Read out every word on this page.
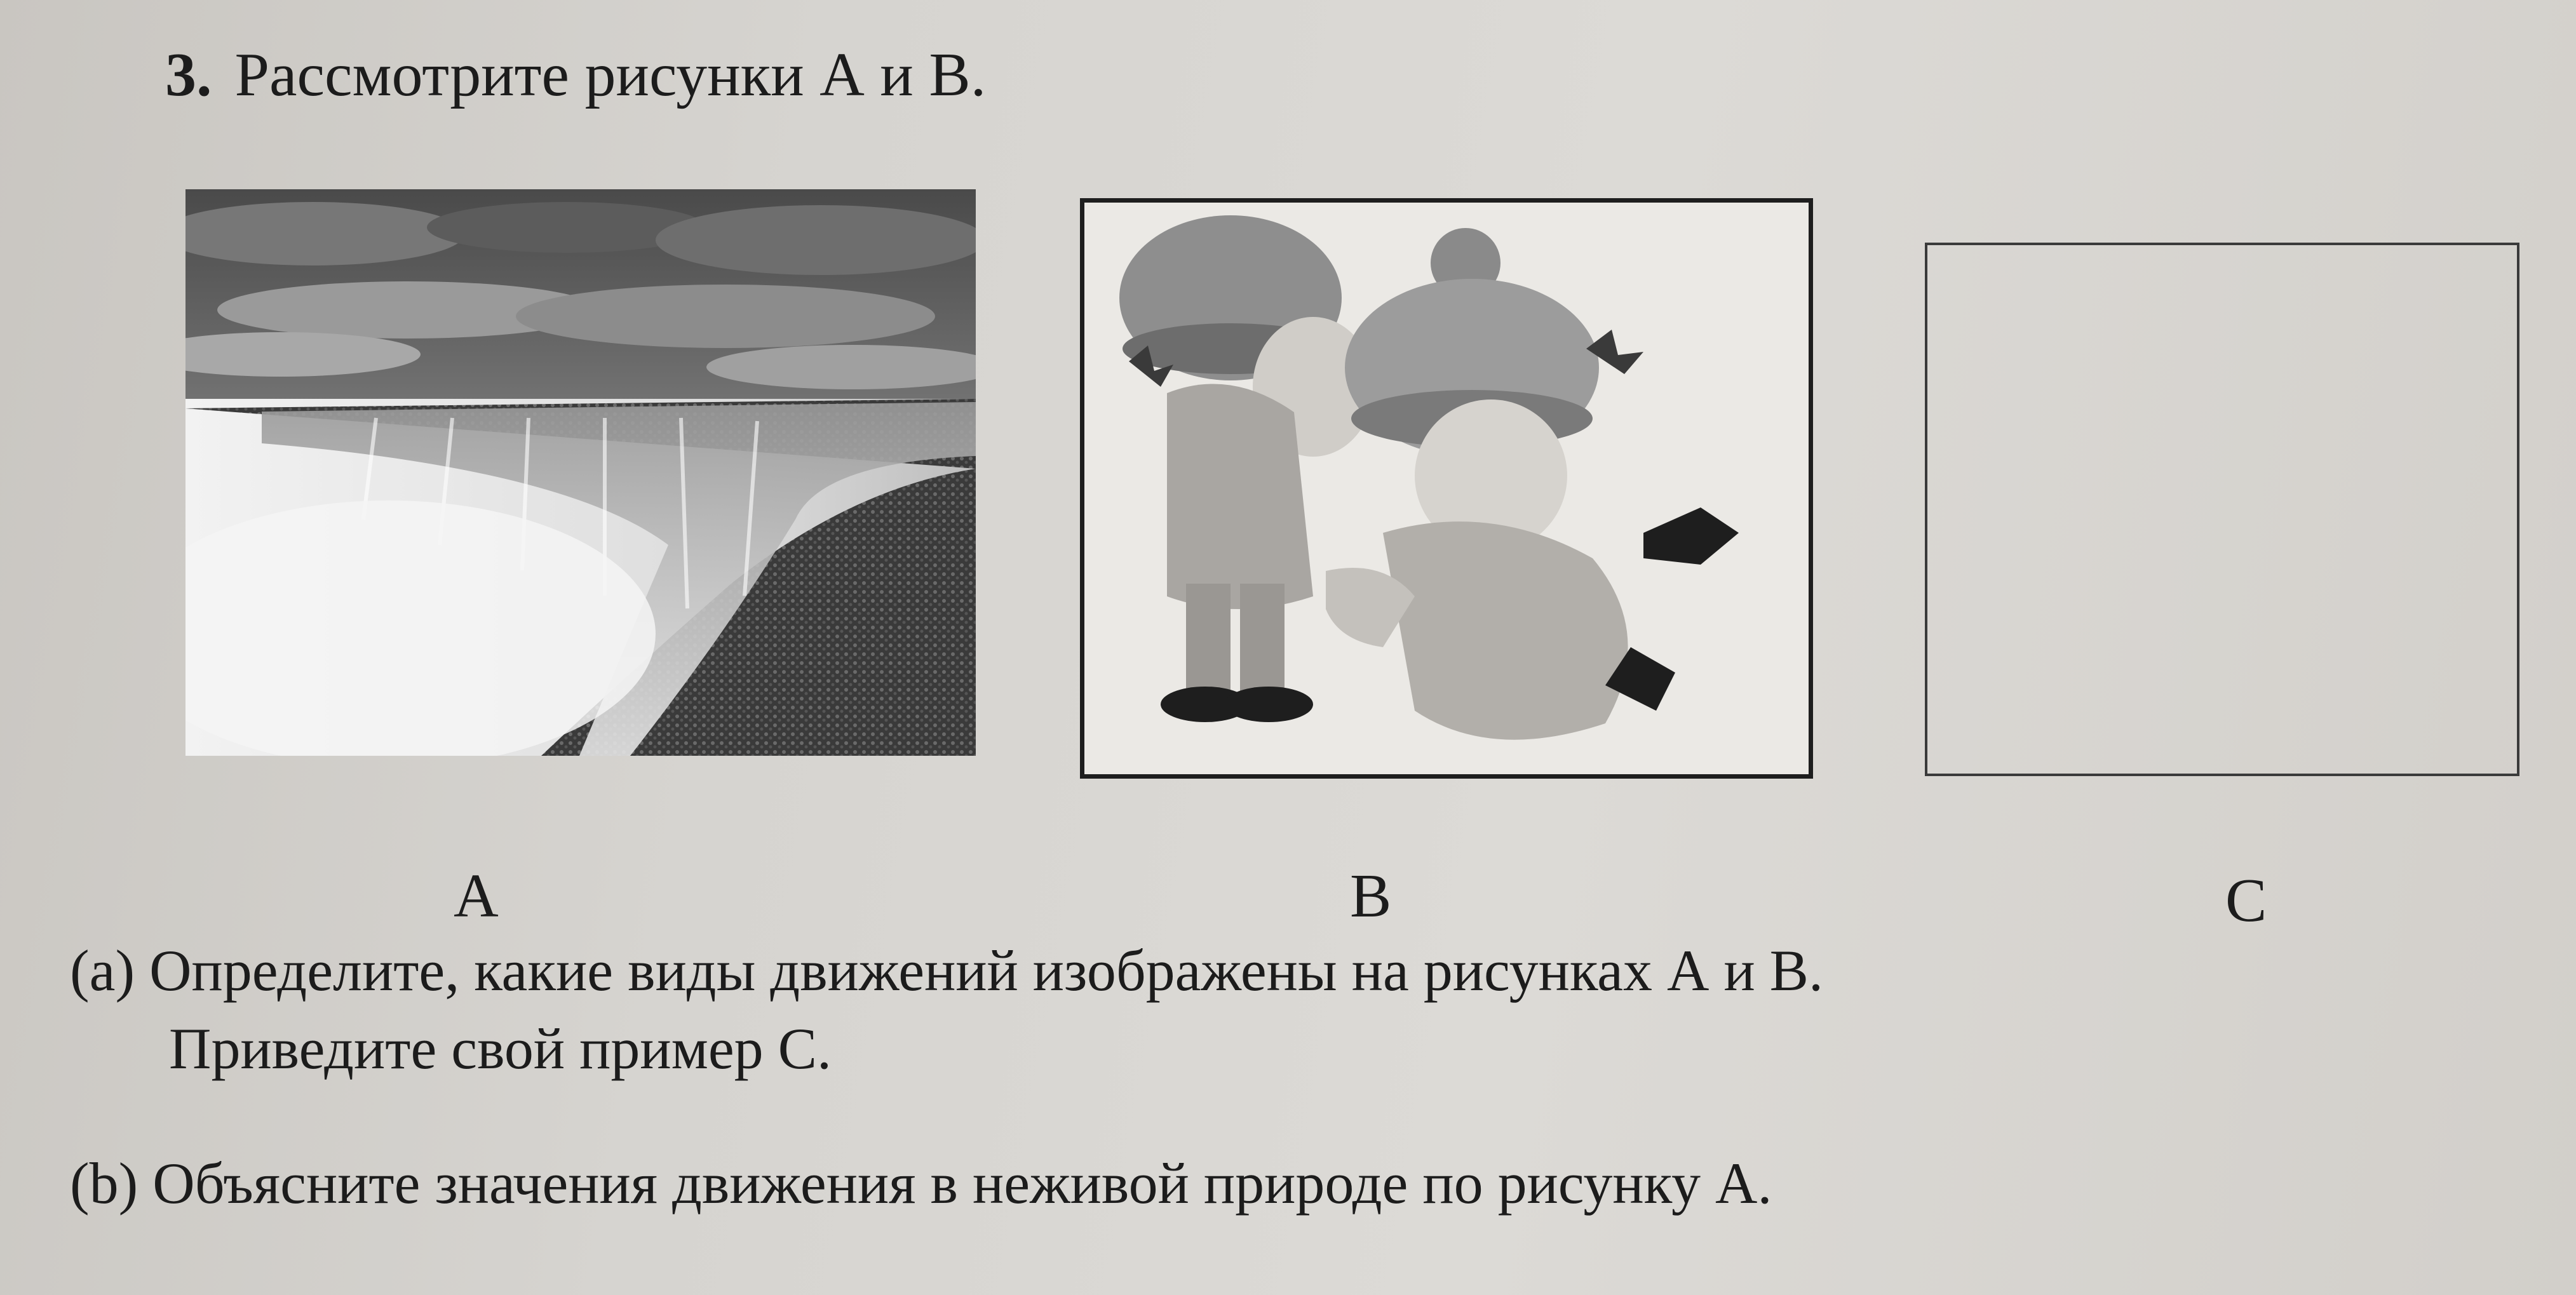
3. Рассмотрите рисунки А и В.
А	В	С
(a) Определите, какие виды движений изображены на рисунках А и В.
Приведите свой пример С.
(b) Объясните значения движения в неживой природе по рисунку А.
